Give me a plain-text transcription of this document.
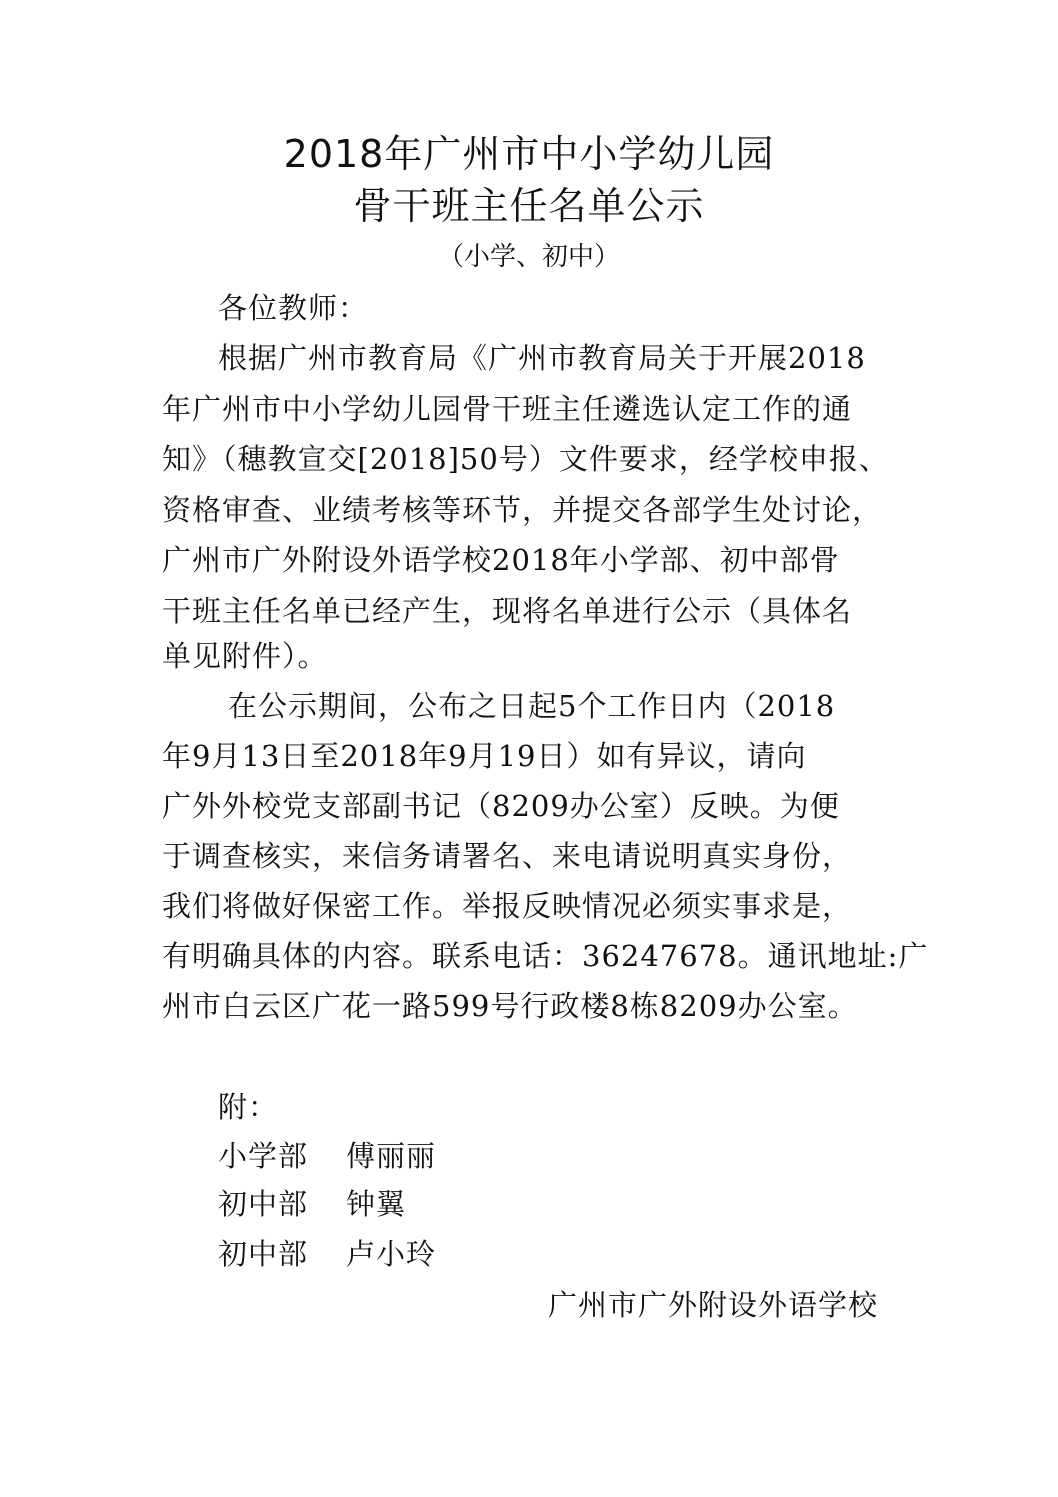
2018年广州市中小学幼儿园
骨干班主任名单公示
（小学、初中）
各位教师：
根据广州市教育局《广州市教育局关于开展2018
年广州市中小学幼儿园骨干班主任遴选认定工作的通
知》（穗教宣交[2018]50号）文件要求，经学校申报、
资格审查、业绩考核等环节，并提交各部学生处讨论，
广州市广外附设外语学校2018年小学部、初中部骨
干班主任名单已经产生，现将名单进行公示（具体名
单见附件）。
在公示期间，公布之日起5个工作日内（2018
年9月13日至2018年9月19日）如有异议，请向
广外外校党支部副书记（8209办公室）反映。为便
于调查核实，来信务请署名、来电请说明真实身份，
我们将做好保密工作。举报反映情况必须实事求是，
有明确具体的内容。联系电话：36247678。通讯地址:广
州市白云区广花一路599号行政楼8栋8209办公室。
附：
小学部 傅丽丽
初中部 钟翼
初中部 卢小玲
广州市广外附设外语学校
